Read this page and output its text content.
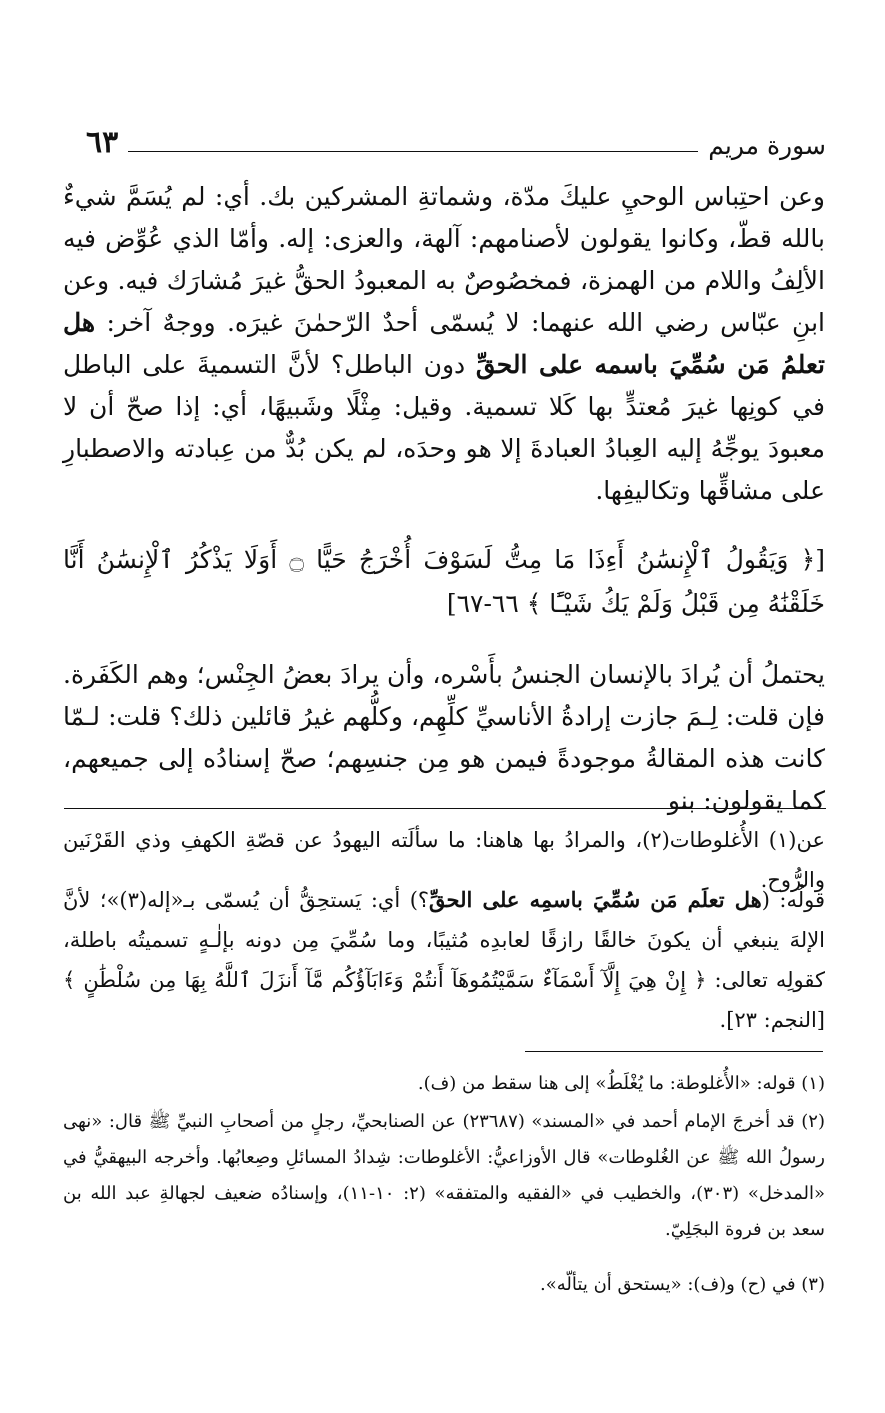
سورة مريم
٦٣

وعن احتِباس الوحيِ عليكَ مدّة، وشماتةِ المشركين بك. أي: لم يُسَمَّ شيءٌ بالله قطّ، وكانوا يقولون لأصنامهم: آلهة، والعزى: إله. وأمّا الذي عُوِّض فيه الألِفُ واللام من الهمزة، فمخصُوصٌ به المعبودُ الحقُّ غيرَ مُشارَك فيه. وعن ابنِ عبّاس رضي الله عنهما: لا يُسمّى أحدٌ الرّحمٰنَ غيرَه. ووجهٌ آخر: هل تعلمُ مَن سُمِّيَ باسمه على الحقِّ دون الباطل؟ لأنَّ التسميةَ على الباطل في كونِها غيرَ مُعتدٍّ بها كَلا تسمية. وقيل: مِثْلًا وشَبيهًا، أي: إذا صحّ أن لا معبودَ يوجِّهُ إليه العِبادُ العبادةَ إلا هو وحدَه، لم يكن بُدٌّ من عِبادته والاصطبارِ على مشاقِّها وتكاليفِها.

[﴿ وَيَقُولُ ٱلْإِنسَٰنُ أَءِذَا مَا مِتُّ لَسَوْفَ أُخْرَجُ حَيًّا ۝ أَوَلَا يَذْكُرُ ٱلْإِنسَٰنُ أَنَّا خَلَقْنَٰهُ مِن قَبْلُ وَلَمْ يَكُ شَيْـًٔا ﴾ ٦٦-٦٧]

يحتملُ أن يُرادَ بالإنسان الجنسُ بأَسْره، وأن يرادَ بعضُ الجِنْس؛ وهم الكَفَرة. فإن قلت: لِـمَ جازت إرادةُ الأناسيِّ كلِّهِم، وكلُّهم غيرُ قائلين ذلك؟ قلت: لـمّا كانت هذه المقالةُ موجودةً فيمن هو مِن جنسِهم؛ صحّ إسنادُه إلى جميعهم، كما يقولون: بنو

عن(١) الأُغلوطات(٢)، والمرادُ بها هاهنا: ما سألَته اليهودُ عن قصّةِ الكهفِ وذي القَرْنَين والرُّوح.

قولُه: (هل تعلَم مَن سُمِّيَ باسمِه على الحقِّ؟) أي: يَستحِقُّ أن يُسمّى بـ«إله(٣)»؛ لأنَّ الإلهَ ينبغي أن يكونَ خالقًا رازقًا لعابدِه مُثيبًا، وما سُمِّيَ مِن دونه بإلٰـهٍ تسميتُه باطلة، كقولِه تعالى: ﴿ إِنْ هِيَ إِلَّآ أَسْمَآءٌ سَمَّيْتُمُوهَآ أَنتُمْ وَءَابَآؤُكُم مَّآ أَنزَلَ ٱللَّهُ بِهَا مِن سُلْطَٰنٍ ﴾ [النجم: ٢٣].

(١) قوله: «الأُغلوطة: ما يُغْلَطُ» إلى هنا سقط من (ف).

(٢) قد أخرجَ الإمام أحمد في «المسند» (٢٣٦٨٧) عن الصنابحيِّ، رجلٍ من أصحابِ النبيِّ ﷺ قال: «نهى رسولُ الله ﷺ عن الغُلوطات» قال الأوزاعيُّ: الأغلوطات: شِدادُ المسائلِ وصِعابُها. وأخرجه البيهقيُّ في «المدخل» (٣٠٣)، والخطيب في «الفقيه والمتفقه» (٢: ١٠-١١)، وإسنادُه ضعيف لجهالةِ عبد الله بن سعد بن فروة البجَلِيّ.

(٣) في (ح) و(ف): «يستحق أن يتألّه».
